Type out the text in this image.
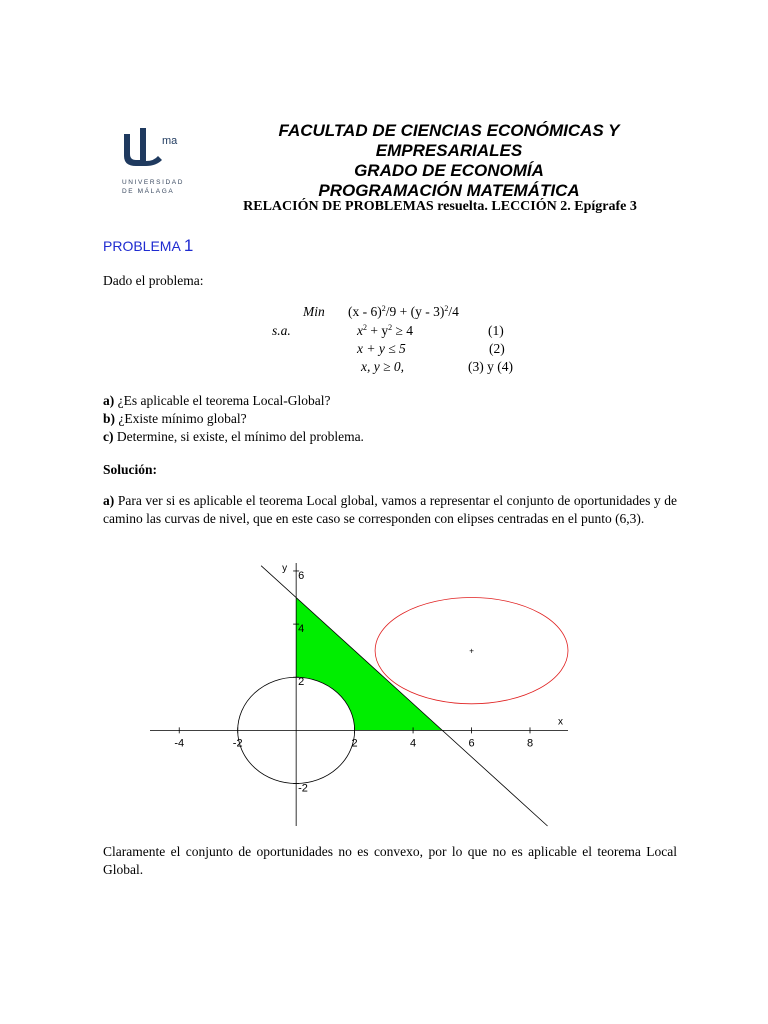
ma
UNIVERSIDAD
DE MÁLAGA
FACULTAD DE CIENCIAS ECONÓMICAS Y
EMPRESARIALES
GRADO DE ECONOMÍA
PROGRAMACIÓN MATEMÁTICA
RELACIÓN DE PROBLEMAS resuelta. LECCIÓN 2. Epígrafe 3
PROBLEMA 1
Dado el problema:
Min (x - 6)$^2$/9 + (y - 3)$^2$/4
s.a.	$x^2 + y^2 \ge 4$	(1)
x + y ≤ 5	(2)
x, y ≥ 0,	(3) y (4)
a) ¿Es aplicable el teorema Local-Global?
b) ¿Existe mínimo global?
c) Determine, si existe, el mínimo del problema.
Solución:
a) Para ver si es aplicable el teorema Local global, vamos a representar el conjunto de oportunidades y de camino las curvas de nivel, que en este caso se corresponden con elipses centradas en el punto (6,3).
+
-4	-2	2	4	6	8
6
4
2
-2
x
y
Claramente el conjunto de oportunidades no es convexo, por lo que no es aplicable el teorema Local Global.
